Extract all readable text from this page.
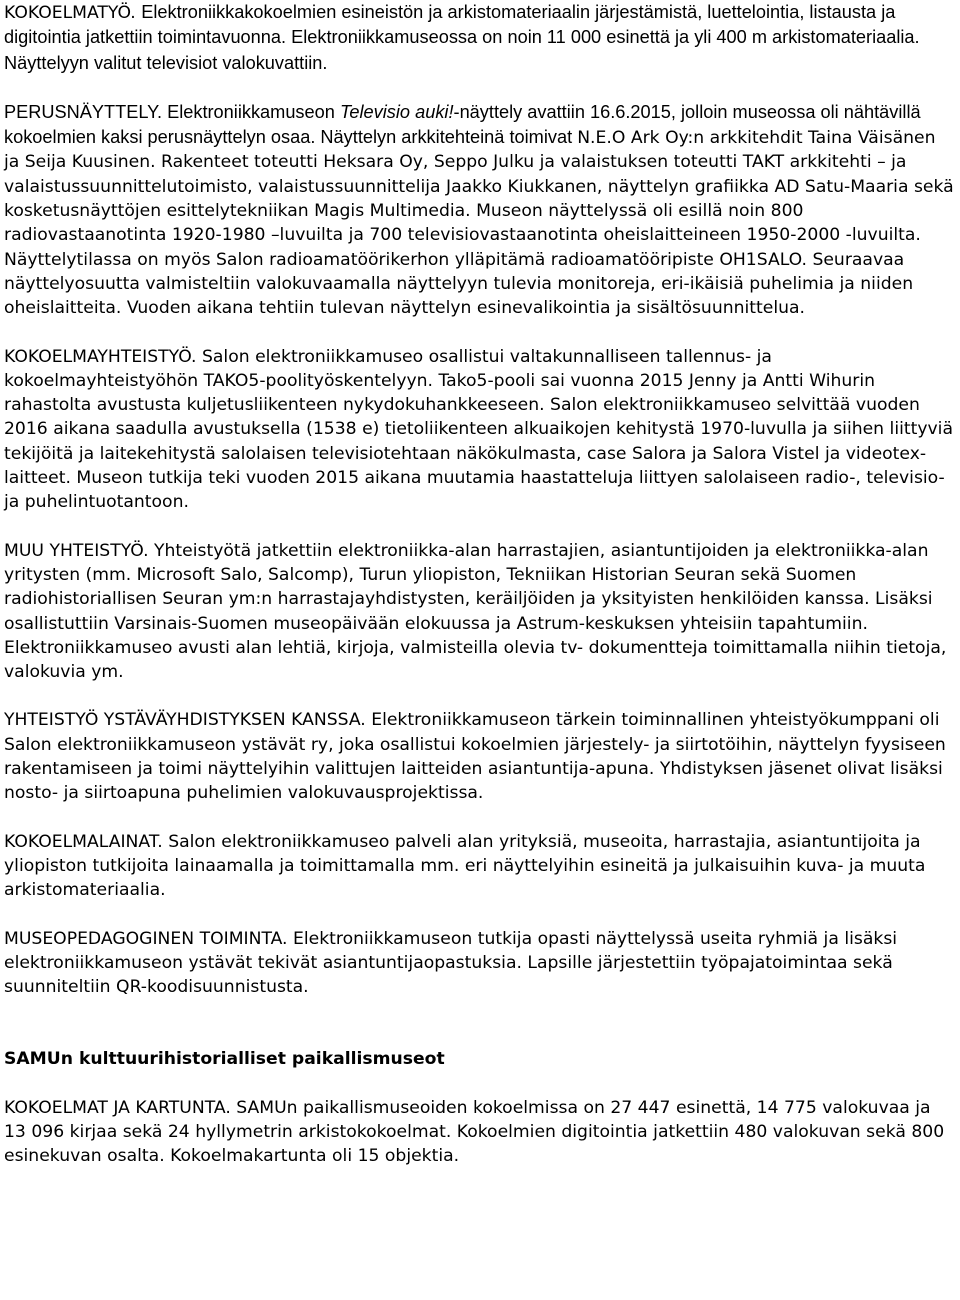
KOKOELMATYÖ. Elektroniikkakokoelmien esineistön ja arkistomateriaalin järjestämistä, luettelointia, listausta ja digitointia jatkettiin toimintavuonna. Elektroniikkamuseossa on noin 11 000 esinettä ja yli 400 m arkistomateriaalia. Näyttelyyn valitut televisiot valokuvattiin.

PERUSNÄYTTELY. Elektroniikkamuseon Televisio auki!-näyttely avattiin 16.6.2015, jolloin museossa oli nähtävillä kokoelmien kaksi perusnäyttelyn osaa. Näyttelyn arkkitehteinä toimivat N.E.O Ark Oy:n arkkitehdit Taina Väisänen ja Seija Kuusinen. Rakenteet toteutti Heksara Oy, Seppo Julku ja valaistuksen toteutti TAKT arkkitehti – ja valaistussuunnittelutoimisto, valaistussuunnittelija Jaakko Kiukkanen, näyttelyn grafiikka AD Satu-Maaria sekä kosketusnäyttöjen esittelytekniikan Magis Multimedia. Museon näyttelyssä oli esillä noin 800 radiovastaanotinta 1920-1980 –luvuilta ja 700 televisiovastaanotinta oheislaitteineen 1950-2000 -luvuilta. Näyttelytilassa on myös Salon radioamatöörikerhon ylläpitämä radioamatööripiste OH1SALO. Seuraavaa näyttelyosuutta valmisteltiin valokuvaamalla näyttelyyn tulevia monitoreja, eri-ikäisiä puhelimia ja niiden oheislaitteita. Vuoden aikana tehtiin tulevan näyttelyn esinevalikointia ja sisältösuunnittelua.

KOKOELMAYHTEISTYÖ. Salon elektroniikkamuseo osallistui valtakunnalliseen tallennus- ja kokoelmayhteistyöhön TAKO5-poolityöskentelyyn. Tako5-pooli sai vuonna 2015 Jenny ja Antti Wihurin rahastolta avustusta kuljetusliikenteen nykydokuhankkeeseen. Salon elektroniikkamuseo selvittää vuoden 2016 aikana saadulla avustuksella (1538 e) tietoliikenteen alkuaikojen kehitystä 1970-luvulla ja siihen liittyviä tekijöitä ja laitekehitystä salolaisen televisiotehtaan näkökulmasta, case Salora ja Salora Vistel ja videotex-laitteet. Museon tutkija teki vuoden 2015 aikana muutamia haastatteluja liittyen salolaiseen radio-, televisio- ja puhelintuotantoon.

MUU YHTEISTYÖ. Yhteistyötä jatkettiin elektroniikka-alan harrastajien, asiantuntijoiden ja elektroniikka-alan yritysten (mm. Microsoft Salo, Salcomp), Turun yliopiston, Tekniikan Historian Seuran sekä Suomen radiohistoriallisen Seuran ym:n harrastajayhdistysten, keräiljöiden ja yksityisten henkilöiden kanssa. Lisäksi osallistuttiin Varsinais-Suomen museopäivään elokuussa ja Astrum-keskuksen yhteisiin tapahtumiin. Elektroniikkamuseo avusti alan lehtiä, kirjoja, valmisteilla olevia tv- dokumentteja toimittamalla niihin tietoja, valokuvia ym.

YHTEISTYÖ YSTÄVÄYHDISTYKSEN KANSSA. Elektroniikkamuseon tärkein toiminnallinen yhteistyökumppani oli Salon elektroniikkamuseon ystävät ry, joka osallistui kokoelmien järjestely- ja siirtotöihin, näyttelyn fyysiseen rakentamiseen ja toimi näyttelyihin valittujen laitteiden asiantuntija-apuna. Yhdistyksen jäsenet olivat lisäksi nosto- ja siirtoapuna puhelimien valokuvausprojektissa.

KOKOELMALAINAT. Salon elektroniikkamuseo palveli alan yrityksiä, museoita, harrastajia, asiantuntijoita ja yliopiston tutkijoita lainaamalla ja toimittamalla mm. eri näyttelyihin esineitä ja julkaisuihin kuva- ja muuta arkistomateriaalia.

MUSEOPEDAGOGINEN TOIMINTA. Elektroniikkamuseon tutkija opasti näyttelyssä useita ryhmiä ja lisäksi elektroniikkamuseon ystävät tekivät asiantuntijaopastuksia. Lapsille järjestettiin työpajatoimintaa sekä suunniteltiin QR-koodisuunnistusta.

SAMUn kulttuurihistorialliset paikallismuseot

KOKOELMAT JA KARTUNTA. SAMUn paikallismuseoiden kokoelmissa on 27 447 esinettä, 14 775 valokuvaa ja 13 096 kirjaa sekä 24 hyllymetrin arkistokokoelmat. Kokoelmien digitointia jatkettiin 480 valokuvan sekä 800 esinekuvan osalta. Kokoelmakartunta oli 15 objektia.
